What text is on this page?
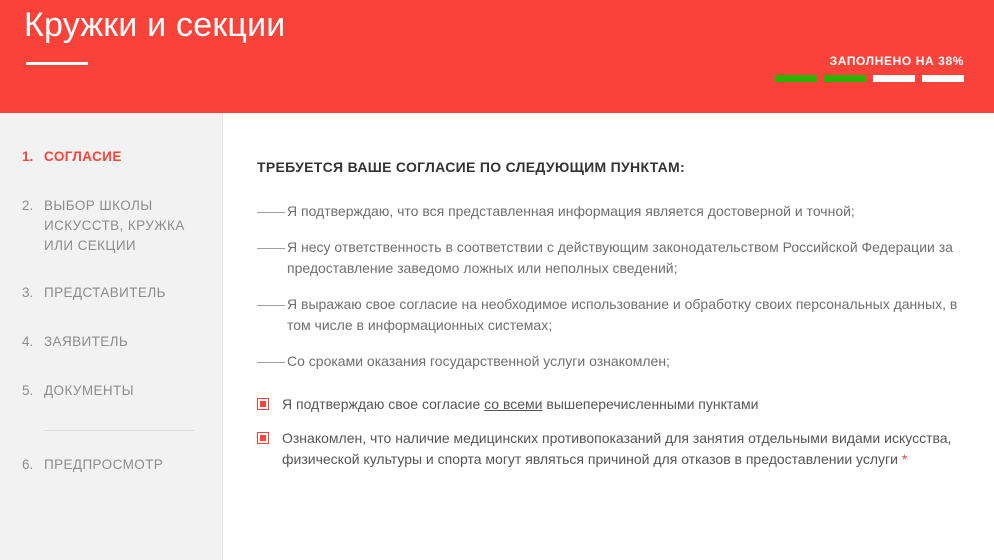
Кружки и секции
ЗАПОЛНЕНО НА 38%
1. СОГЛАСИЕ
2. ВЫБОР ШКОЛЫ ИСКУССТВ, КРУЖКА ИЛИ СЕКЦИИ
3. ПРЕДСТАВИТЕЛЬ
4. ЗАЯВИТЕЛЬ
5. ДОКУМЕНТЫ
6. ПРЕДПРОСМОТР
ТРЕБУЕТСЯ ВАШЕ СОГЛАСИЕ ПО СЛЕДУЮЩИМ ПУНКТАМ:
—— Я подтверждаю, что вся представленная информация является достоверной и точной;
—— Я несу ответственность в соответствии с действующим законодательством Российской Федерации за предоставление заведомо ложных или неполных сведений;
—— Я выражаю свое согласие на необходимое использование и обработку своих персональных данных, в том числе в информационных системах;
—— Со сроками оказания государственной услуги ознакомлен;
Я подтверждаю свое согласие со всеми вышеперечисленными пунктами
Ознакомлен, что наличие медицинских противопоказаний для занятия отдельными видами искусства, физической культуры и спорта могут являться причиной для отказов в предоставлении услуги *
